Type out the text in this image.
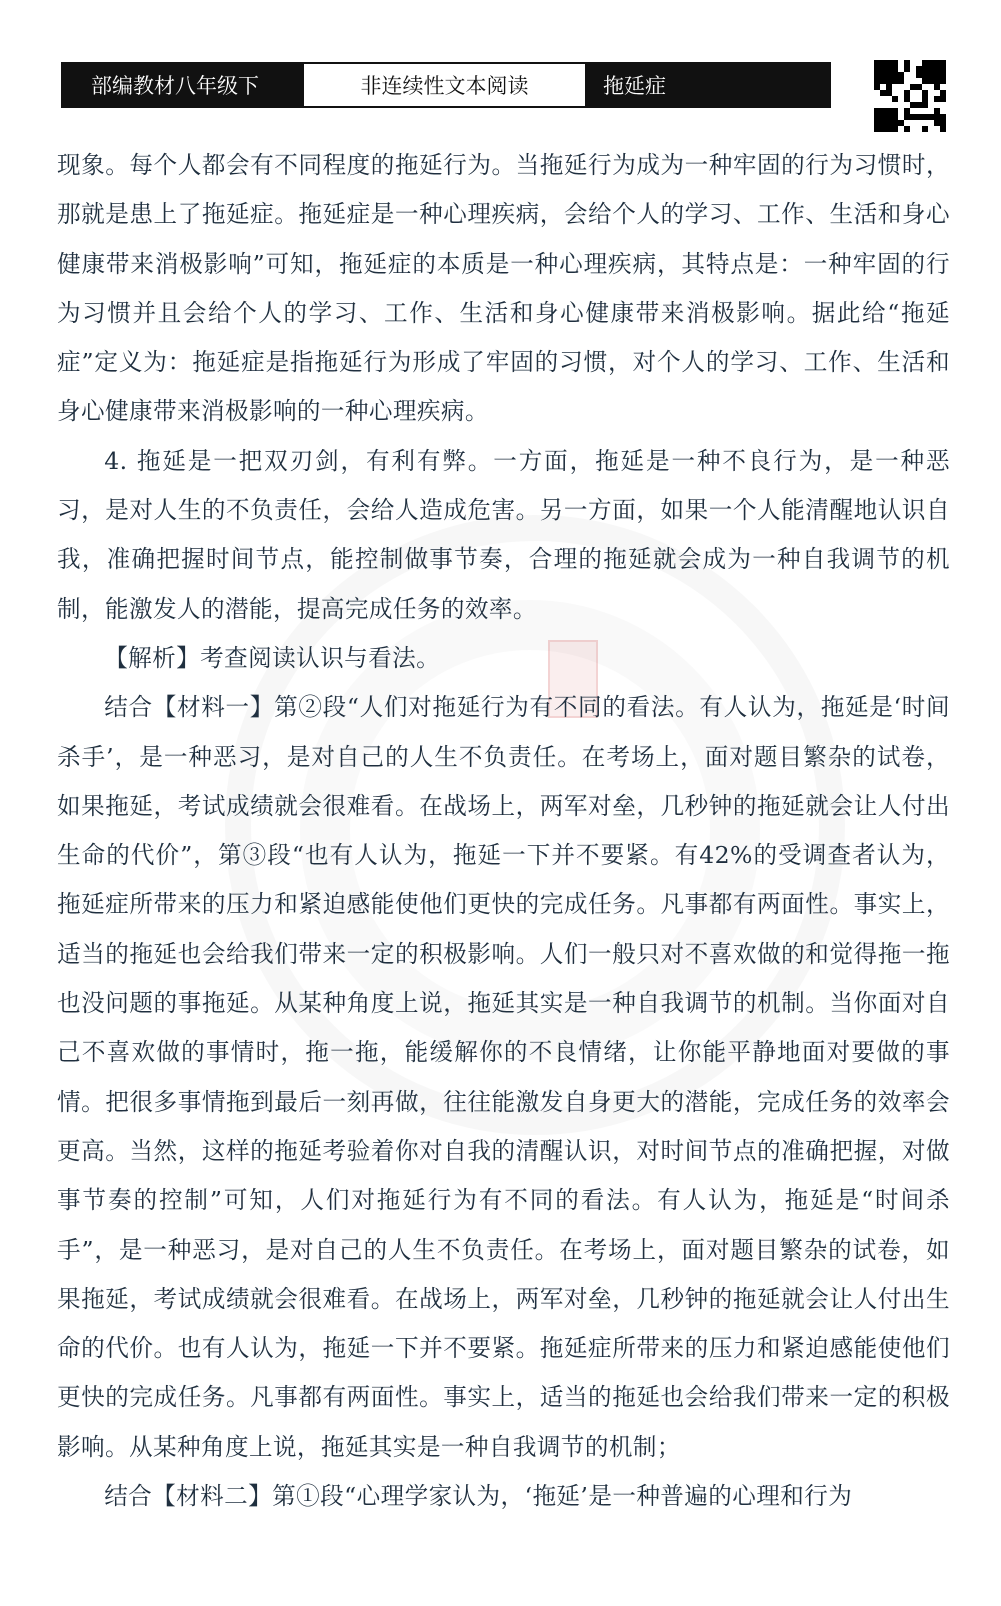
部编教材八年级下	非连续性文本阅读	拖延症

现象。每个人都会有不同程度的拖延行为。当拖延行为成为一种牢固的行为习惯时，那就是患上了拖延症。拖延症是一种心理疾病，会给个人的学习、工作、生活和身心健康带来消极影响”可知，拖延症的本质是一种心理疾病，其特点是：一种牢固的行为习惯并且会给个人的学习、工作、生活和身心健康带来消极影响。据此给“拖延症”定义为：拖延症是指拖延行为形成了牢固的习惯，对个人的学习、工作、生活和身心健康带来消极影响的一种心理疾病。

4. 拖延是一把双刃剑，有利有弊。一方面，拖延是一种不良行为，是一种恶习，是对人生的不负责任，会给人造成危害。另一方面，如果一个人能清醒地认识自我，准确把握时间节点，能控制做事节奏，合理的拖延就会成为一种自我调节的机制，能激发人的潜能，提高完成任务的效率。

【解析】考查阅读认识与看法。

结合【材料一】第②段“人们对拖延行为有不同的看法。有人认为，拖延是‘时间杀手’，是一种恶习，是对自己的人生不负责任。在考场上，面对题目繁杂的试卷，如果拖延，考试成绩就会很难看。在战场上，两军对垒，几秒钟的拖延就会让人付出生命的代价”，第③段“也有人认为，拖延一下并不要紧。有42%的受调查者认为，拖延症所带来的压力和紧迫感能使他们更快的完成任务。凡事都有两面性。事实上，适当的拖延也会给我们带来一定的积极影响。人们一般只对不喜欢做的和觉得拖一拖也没问题的事拖延。从某种角度上说，拖延其实是一种自我调节的机制。当你面对自己不喜欢做的事情时，拖一拖，能缓解你的不良情绪，让你能平静地面对要做的事情。把很多事情拖到最后一刻再做，往往能激发自身更大的潜能，完成任务的效率会更高。当然，这样的拖延考验着你对自我的清醒认识，对时间节点的准确把握，对做事节奏的控制”可知，人们对拖延行为有不同的看法。有人认为，拖延是“时间杀手”，是一种恶习，是对自己的人生不负责任。在考场上，面对题目繁杂的试卷，如果拖延，考试成绩就会很难看。在战场上，两军对垒，几秒钟的拖延就会让人付出生命的代价。也有人认为，拖延一下并不要紧。拖延症所带来的压力和紧迫感能使他们更快的完成任务。凡事都有两面性。事实上，适当的拖延也会给我们带来一定的积极影响。从某种角度上说，拖延其实是一种自我调节的机制；

结合【材料二】第①段“心理学家认为，‘拖延’是一种普遍的心理和行为
